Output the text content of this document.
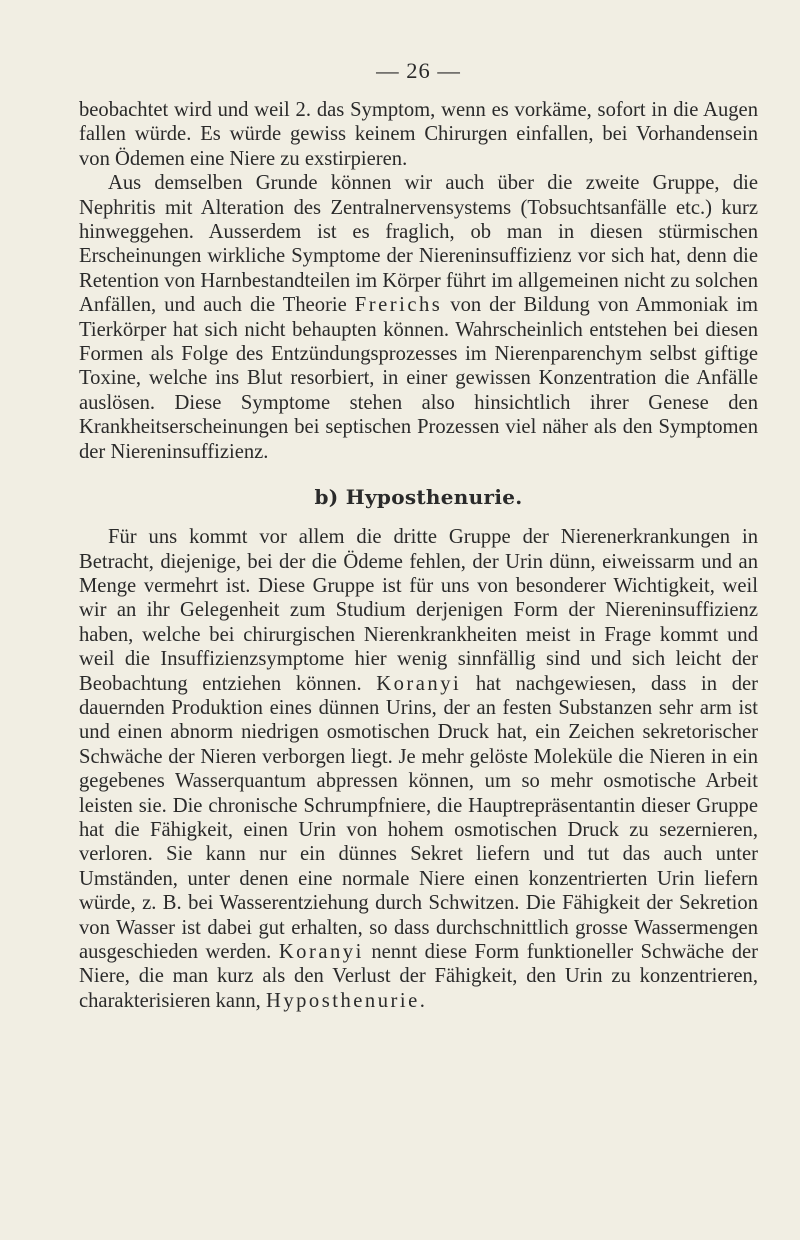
— 26 —

beobachtet wird und weil 2. das Symptom, wenn es vorkäme, sofort in die Augen fallen würde. Es würde gewiss keinem Chirurgen einfallen, bei Vorhandensein von Ödemen eine Niere zu exstirpieren.

Aus demselben Grunde können wir auch über die zweite Gruppe, die Nephritis mit Alteration des Zentralnervensystems (Tobsuchtsanfälle etc.) kurz hinweggehen. Ausserdem ist es fraglich, ob man in diesen stürmischen Erscheinungen wirkliche Symptome der Niereninsuffizienz vor sich hat, denn die Retention von Harnbestandteilen im Körper führt im allgemeinen nicht zu solchen Anfällen, und auch die Theorie Frerichs von der Bildung von Ammoniak im Tierkörper hat sich nicht behaupten können. Wahrscheinlich entstehen bei diesen Formen als Folge des Entzündungsprozesses im Nierenparenchym selbst giftige Toxine, welche ins Blut resorbiert, in einer gewissen Konzentration die Anfälle auslösen. Diese Symptome stehen also hinsichtlich ihrer Genese den Krankheitserscheinungen bei septischen Prozessen viel näher als den Symptomen der Niereninsuffizienz.

b) Hyposthenurie.

Für uns kommt vor allem die dritte Gruppe der Nierenerkrankungen in Betracht, diejenige, bei der die Ödeme fehlen, der Urin dünn, eiweissarm und an Menge vermehrt ist. Diese Gruppe ist für uns von besonderer Wichtigkeit, weil wir an ihr Gelegenheit zum Studium derjenigen Form der Niereninsuffizienz haben, welche bei chirurgischen Nierenkrankheiten meist in Frage kommt und weil die Insuffizienzsymptome hier wenig sinnfällig sind und sich leicht der Beobachtung entziehen können. Koranyi hat nachgewiesen, dass in der dauernden Produktion eines dünnen Urins, der an festen Substanzen sehr arm ist und einen abnorm niedrigen osmotischen Druck hat, ein Zeichen sekretorischer Schwäche der Nieren verborgen liegt. Je mehr gelöste Moleküle die Nieren in ein gegebenes Wasserquantum abpressen können, um so mehr osmotische Arbeit leisten sie. Die chronische Schrumpfniere, die Hauptrepräsentantin dieser Gruppe hat die Fähigkeit, einen Urin von hohem osmotischen Druck zu sezernieren, verloren. Sie kann nur ein dünnes Sekret liefern und tut das auch unter Umständen, unter denen eine normale Niere einen konzentrierten Urin liefern würde, z. B. bei Wasserentziehung durch Schwitzen. Die Fähigkeit der Sekretion von Wasser ist dabei gut erhalten, so dass durchschnittlich grosse Wassermengen ausgeschieden werden. Koranyi nennt diese Form funktioneller Schwäche der Niere, die man kurz als den Verlust der Fähigkeit, den Urin zu konzentrieren, charakterisieren kann, Hyposthenurie.
